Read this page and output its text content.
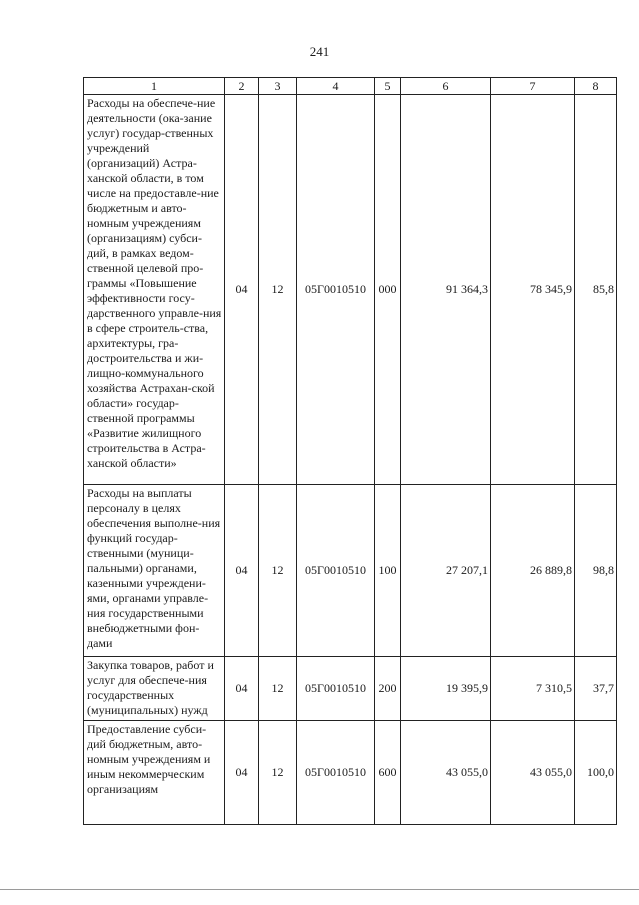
241
1	2	3	4	5	6	7	8
Расходы на обеспече-ние деятельности (ока-зание услуг) государ-ственных учреждений (организаций) Астра-ханской области, в том числе на предоставле-ние бюджетным и авто-номным учреждениям (организациям) субси-дий, в рамках ведом-ственной целевой про-граммы «Повышение эффективности госу-дарственного управле-ния в сфере строитель-ства, архитектуры, гра-достроительства и жи-лищно-коммунального хозяйства Астрахан-ской области» государ-ственной программы «Развитие жилищного строительства в Астра-ханской области»	04	12	05Г0010510	000	91 364,3	78 345,9	85,8
Расходы на выплаты персоналу в целях обеспечения выполне-ния функций государ-ственными (муници-пальными) органами, казенными учреждени-ями, органами управле-ния государственными внебюджетными фон-дами	04	12	05Г0010510	100	27 207,1	26 889,8	98,8
Закупка товаров, работ и услуг для обеспече-ния государственных (муниципальных) нужд	04	12	05Г0010510	200	19 395,9	7 310,5	37,7
Предоставление субси-дий бюджетным, авто-номным учреждениям и иным некоммерческим организациям	04	12	05Г0010510	600	43 055,0	43 055,0	100,0
